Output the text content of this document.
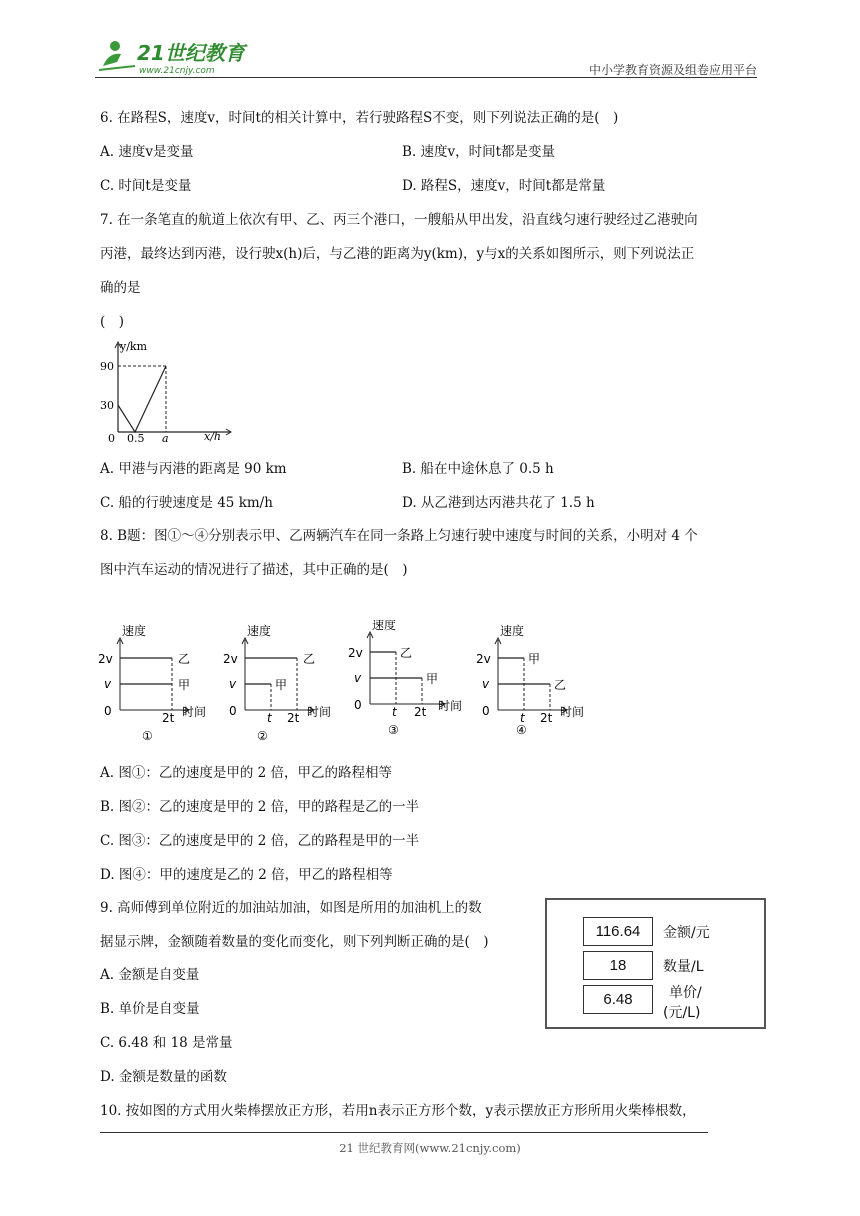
21世纪教育
www.21cnjy.com	中小学教育资源及组卷应用平台
6. 在路程S，速度v，时间t的相关计算中，若行驶路程S不变，则下列说法正确的是(　)
A. 速度v是变量	B. 速度v，时间t都是变量
C. 时间t是变量	D. 路程S，速度v，时间t都是常量
7. 在一条笔直的航道上依次有甲、乙、丙三个港口，一艘船从甲出发，沿直线匀速行驶经过乙港驶向
丙港，最终达到丙港，设行驶x(h)后，与乙港的距离为y(km)，y与x的关系如图所示，则下列说法正
确的是
(　)
y/km
x/h
0
90
30
0.5 a
A. 甲港与丙港的距离是 90 km	B. 船在中途休息了 0.5 h
C. 船的行驶速度是 45 km/h	D. 从乙港到达丙港共花了 1.5 h
8. B题：图①～④分别表示甲、乙两辆汽车在同一条路上匀速行驶中速度与时间的关系，小明对 4 个
图中汽车运动的情况进行了描述，其中正确的是(　)
速度
2v
v
0	2t 时间
乙
甲
①
速度
2v
v
0	t 2t 时间
乙
甲
②
速度
2v
v
0	t 2t 时间
乙
甲
③
速度
2v
v
0	t 2t 时间
甲
乙
④
A. 图①：乙的速度是甲的 2 倍，甲乙的路程相等
B. 图②：乙的速度是甲的 2 倍，甲的路程是乙的一半
C. 图③：乙的速度是甲的 2 倍，乙的路程是甲的一半
D. 图④：甲的速度是乙的 2 倍，甲乙的路程相等
9. 高师傅到单位附近的加油站加油，如图是所用的加油机上的数
据显示牌，金额随着数量的变化而变化，则下列判断正确的是(　)
A. 金额是自变量
B. 单价是自变量
C. 6.48 和 18 是常量
D. 金额是数量的函数
116.64	金额/元
18	数量/L
6.48	单价/
(元/L)
10. 按如图的方式用火柴棒摆放正方形，若用n表示正方形个数，y表示摆放正方形所用火柴棒根数，
21 世纪教育网(www.21cnjy.com)
